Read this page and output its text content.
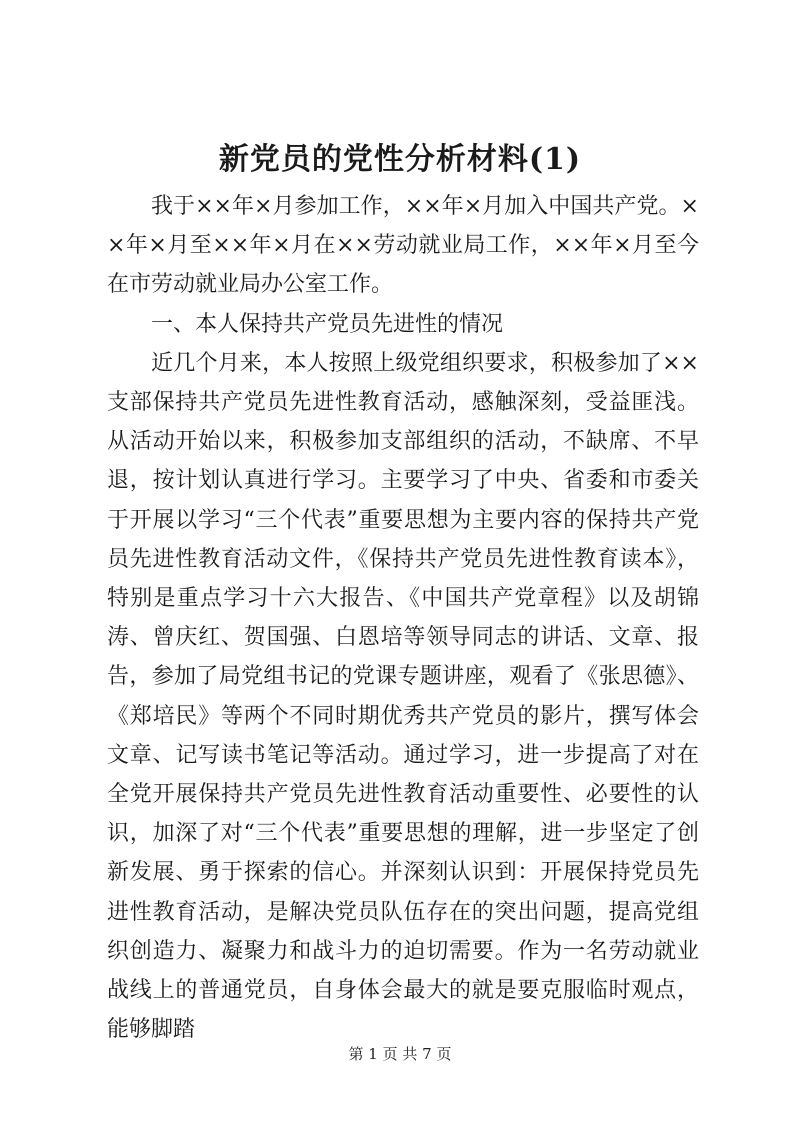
新党员的党性分析材料(1)

我于××年×月参加工作，××年×月加入中国共产党。××年×月至××年×月在××劳动就业局工作，××年×月至今在市劳动就业局办公室工作。

一、本人保持共产党员先进性的情况

近几个月来，本人按照上级党组织要求，积极参加了××支部保持共产党员先进性教育活动，感触深刻，受益匪浅。从活动开始以来，积极参加支部组织的活动，不缺席、不早退，按计划认真进行学习。主要学习了中央、省委和市委关于开展以学习“三个代表”重要思想为主要内容的保持共产党员先进性教育活动文件，《保持共产党员先进性教育读本》，特别是重点学习十六大报告、《中国共产党章程》以及胡锦涛、曾庆红、贺国强、白恩培等领导同志的讲话、文章、报告，参加了局党组书记的党课专题讲座，观看了《张思德》、《郑培民》等两个不同时期优秀共产党员的影片，撰写体会文章、记写读书笔记等活动。通过学习，进一步提高了对在全党开展保持共产党员先进性教育活动重要性、必要性的认识，加深了对“三个代表”重要思想的理解，进一步坚定了创新发展、勇于探索的信心。并深刻认识到：开展保持党员先进性教育活动，是解决党员队伍存在的突出问题，提高党组织创造力、凝聚力和战斗力的迫切需要。作为一名劳动就业战线上的普通党员，自身体会最大的就是要克服临时观点，能够脚踏

第 1 页 共 7 页
